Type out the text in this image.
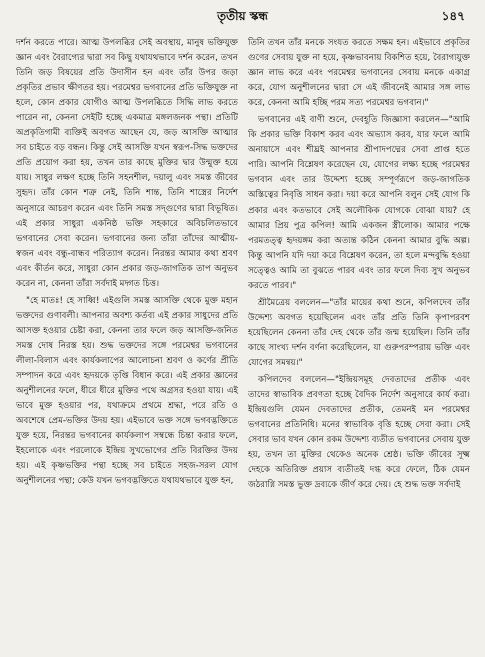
তৃতীয় স্কন্ধ	১৪৭

দর্শন করতে পারে। আত্ম উপলব্ধির সেই অবস্থায়, মানুষ ভক্তিযুক্ত জ্ঞান এবং বৈরাগ্যের দ্বারা সব কিছু যথাযথভাবে দর্শন করেন, তখন তিনি জড় বিষয়ের প্রতি উদাসীন হন এবং তাঁর উপর জড়া প্রকৃতির প্রভাব ক্ষীণতর হয়। পরমেশ্বর ভগবানের প্রতি ভক্তিযুক্ত না হলে, কোন প্রকার যোগীও আত্ম উপলব্ধিতে সিদ্ধি লাভ করতে পারেন না, কেননা সেইটি হচ্ছে একমাত্র মঙ্গলজনক পন্থা। প্রতিটি অপ্রকৃতিগামী ব্যক্তিই অবগত আছেন যে, জড় আসক্তি আত্মার সব চাইতে বড় বন্ধন। কিন্তু সেই আসক্তি যখন স্বরূপ-সিদ্ধ ভক্তদের প্রতি প্রয়োগ করা হয়, তখন তার কাছে মুক্তির দ্বার উন্মুক্ত হয়ে যায়। সাধুর লক্ষণ হচ্ছে তিনি সহনশীল, দয়ালু এবং সমস্ত জীবের সুহৃদ। তাঁর কোন শত্রু নেই, তিনি শান্ত, তিনি শাস্ত্রের নির্দেশ অনুসারে আচরণ করেন এবং তিনি সমস্ত সদ্গুণের দ্বারা বিভূষিত। এই প্রকার সাধুরা একনিষ্ঠ ভক্তি সহকারে অবিচলিতভাবে ভগবানের সেবা করেন। ভগবানের জন্য তাঁরা তাঁদের আত্মীয়-স্বজন এবং বন্ধু-বান্ধব পরিত্যাগ করেন। নিরন্তর আমার কথা শ্রবণ এবং কীর্তন করে, সাধুরা কোন প্রকার জড়-জাগতিক তাপ অনুভব করেন না, কেননা তাঁরা সর্বদাই মদ্গত চিত্ত।

"হে মাতঃ! হে সাধ্বি! এইগুলি সমস্ত আসক্তি থেকে মুক্ত মহান ভক্তদের গুণাবলী। আপনার অবশ্য কর্তব্য এই প্রকার সাধুদের প্রতি আসক্ত হওয়ার চেষ্টা করা, কেননা তার ফলে জড় আসক্তি-জনিত সমস্ত দোষ নিরস্ত হয়। শুদ্ধ ভক্তদের সঙ্গে পরমেশ্বর ভগবানের লীলা-বিলাস এবং কার্যকলাপের আলোচনা শ্রবণ ও কর্ণের প্রীতি সম্পাদন করে এবং হৃদয়কে তৃপ্তি বিধান করে। এই প্রকার জ্ঞানের অনুশীলনের ফলে, ধীরে ধীরে মুক্তির পথে অগ্রসর হওয়া যায়। এই ভাবে মুক্ত হওয়ার পর, যথাক্রমে প্রথমে শ্রদ্ধা, পরে রতি ও অবশেষে প্রেম-ভক্তির উদয় হয়। এইভাবে ভক্ত সঙ্গে ভগবদ্ভক্তিতে যুক্ত হয়ে, নিরন্তর ভগবানের কার্যকলাপ সম্বন্ধে চিন্তা করার ফলে, ইহলোকে এবং পরলোকে ইন্দ্রিয় সুখভোগের প্রতি বিরক্তির উদয় হয়। এই কৃষ্ণভক্তির পন্থা হচ্ছে সব চাইতে সহজ-সরল যোগ অনুশীলনের পন্থা; কেউ যখন ভগবদ্ভক্তিতে যথাযথভাবে যুক্ত হন,

তিনি তখন তাঁর মনকে সংযত করতে সক্ষম হন। এইভাবে প্রকৃতির গুণের সেবায় যুক্ত না হয়ে, কৃষ্ণভাবনায় বিকশিত হয়ে, বৈরাগ্যযুক্ত জ্ঞান লাভ করে এবং পরমেশ্বর ভগবানের সেবায় মনকে একাগ্র করে, যোগ অনুশীলনের দ্বারা সে এই জীবনেই আমার সঙ্গ লাভ করে, কেননা আমি হচ্ছি পরম সত্য পরমেশ্বর ভগবান।"

ভগবানের এই বাণী শুনে, দেবহূতি জিজ্ঞাসা করলেন—"আমি কি প্রকার ভক্তি বিকাশ করব এবং অভ্যাস করব, যার ফলে আমি অনায়াসে এবং শীঘ্রই আপনার শ্রীপাদপদ্মের সেবা প্রাপ্ত হতে পারি। আপনি বিশ্লেষণ করেছেন যে, যোগের লক্ষ্য হচ্ছে পরমেশ্বর ভগবান এবং তার উদ্দেশ্য হচ্ছে সম্পূর্ণরূপে জড়-জাগতিক অস্তিত্বের নিবৃত্তি সাধন করা। দয়া করে আপনি বলুন সেই যোগ কি প্রকার এবং কতভাবে সেই অলৌকিক যোগকে বোঝা যায়? হে আমার প্রিয় পুত্র কপিল! আমি একজন স্ত্রীলোক। আমার পক্ষে পরমতত্ত্ব হৃদয়ঙ্গম করা অত্যন্ত কঠিন কেননা আমার বুদ্ধি অল্প। কিন্তু আপনি যদি দয়া করে বিশ্লেষণ করেন, তা হলে মন্দবুদ্ধি হওয়া সত্ত্বেও আমি তা বুঝতে পারব এবং তার ফলে দিব্য সুখ অনুভব করতে পারব।"

শ্রীমৈত্রেয় বললেন—"তাঁর মায়ের কথা শুনে, কপিলদেব তাঁর উদ্দেশ্য অবগত হয়েছিলেন এবং তাঁর প্রতি তিনি কৃপাপরবশ হয়েছিলেন কেননা তাঁর দেহ থেকে তাঁর জন্ম হয়েছিল। তিনি তাঁর কাছে সাংখ্য দর্শন বর্ণনা করেছিলেন, যা গুরুপরম্পরায় ভক্তি এবং যোগের সমন্বয়।"

কপিলদেব বললেন—"ইন্দ্রিয়সমূহ দেবতাদের প্রতীক এবং তাদের স্বাভাবিক প্রবণতা হচ্ছে বৈদিক নির্দেশ অনুসারে কার্য করা। ইন্দ্রিয়গুলি যেমন দেবতাদের প্রতীক, তেমনই মন পরমেশ্বর ভগবানের প্রতিনিধি। মনের স্বাভাবিক বৃত্তি হচ্ছে সেবা করা। সেই সেবার ভাব যখন কোন রকম উদ্দেশ্য ব্যতীত ভগবানের সেবায় যুক্ত হয়, তখন তা মুক্তির থেকেও অনেক শ্রেষ্ঠ। ভক্তি জীবের সূক্ষ্ম দেহকে অতিরিক্ত প্রয়াস ব্যতীতই দগ্ধ করে ফেলে, ঠিক যেমন জঠরাগ্নি সমস্ত ভুক্ত দ্রব্যকে জীর্ণ করে দেয়। হে শুদ্ধ ভক্ত সর্বদাই
